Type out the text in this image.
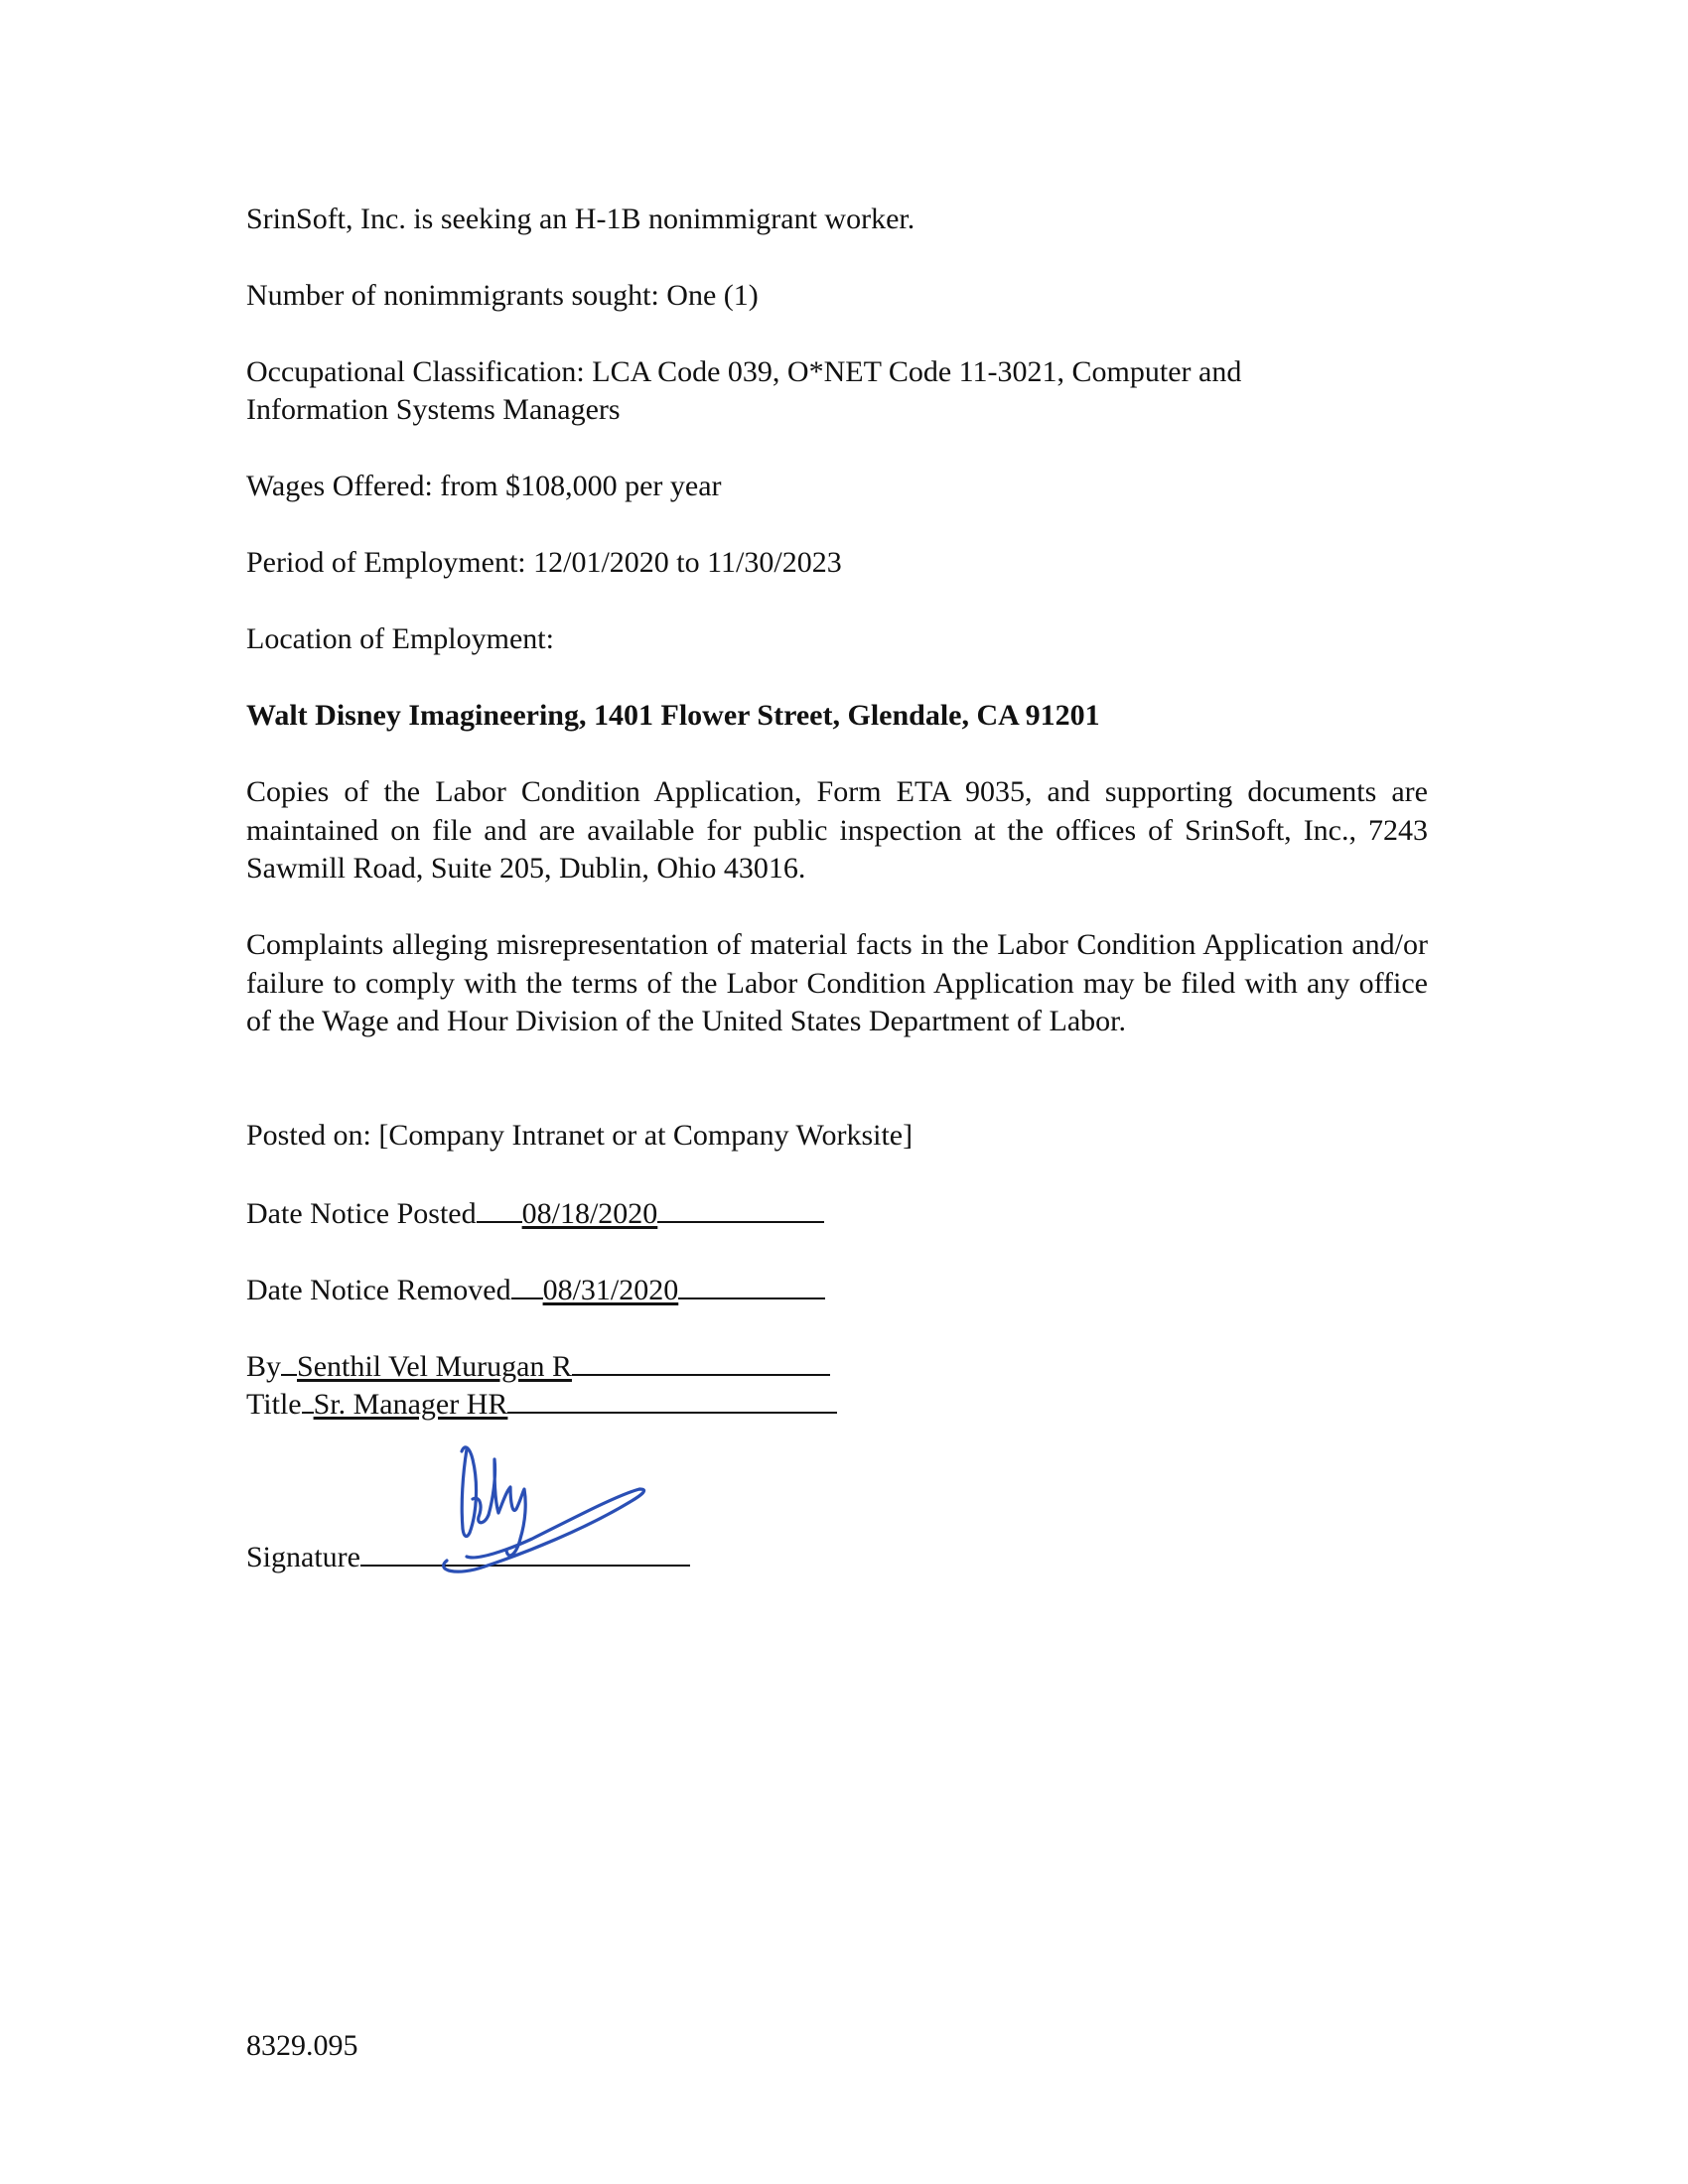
SrinSoft, Inc. is seeking an H-1B nonimmigrant worker.

Number of nonimmigrants sought: One (1)

Occupational Classification: LCA Code 039, O*NET Code 11-3021, Computer and

Information Systems Managers

Wages Offered: from $108,000 per year

Period of Employment: 12/01/2020 to 11/30/2023

Location of Employment:

Walt Disney Imagineering, 1401 Flower Street, Glendale, CA 91201

Copies of the Labor Condition Application, Form ETA 9035, and supporting documents are maintained on file and are available for public inspection at the offices of SrinSoft, Inc., 7243 Sawmill Road, Suite 205, Dublin, Ohio 43016.

Complaints alleging misrepresentation of material facts in the Labor Condition Application and/or failure to comply with the terms of the Labor Condition Application may be filed with any office of the Wage and Hour Division of the United States Department of Labor.

Posted on: [Company Intranet or at Company Worksite]

Date Notice Posted 08/18/2020

Date Notice Removed 08/31/2020

By Senthil Vel Murugan R

Title Sr. Manager HR

Signature

8329.095
